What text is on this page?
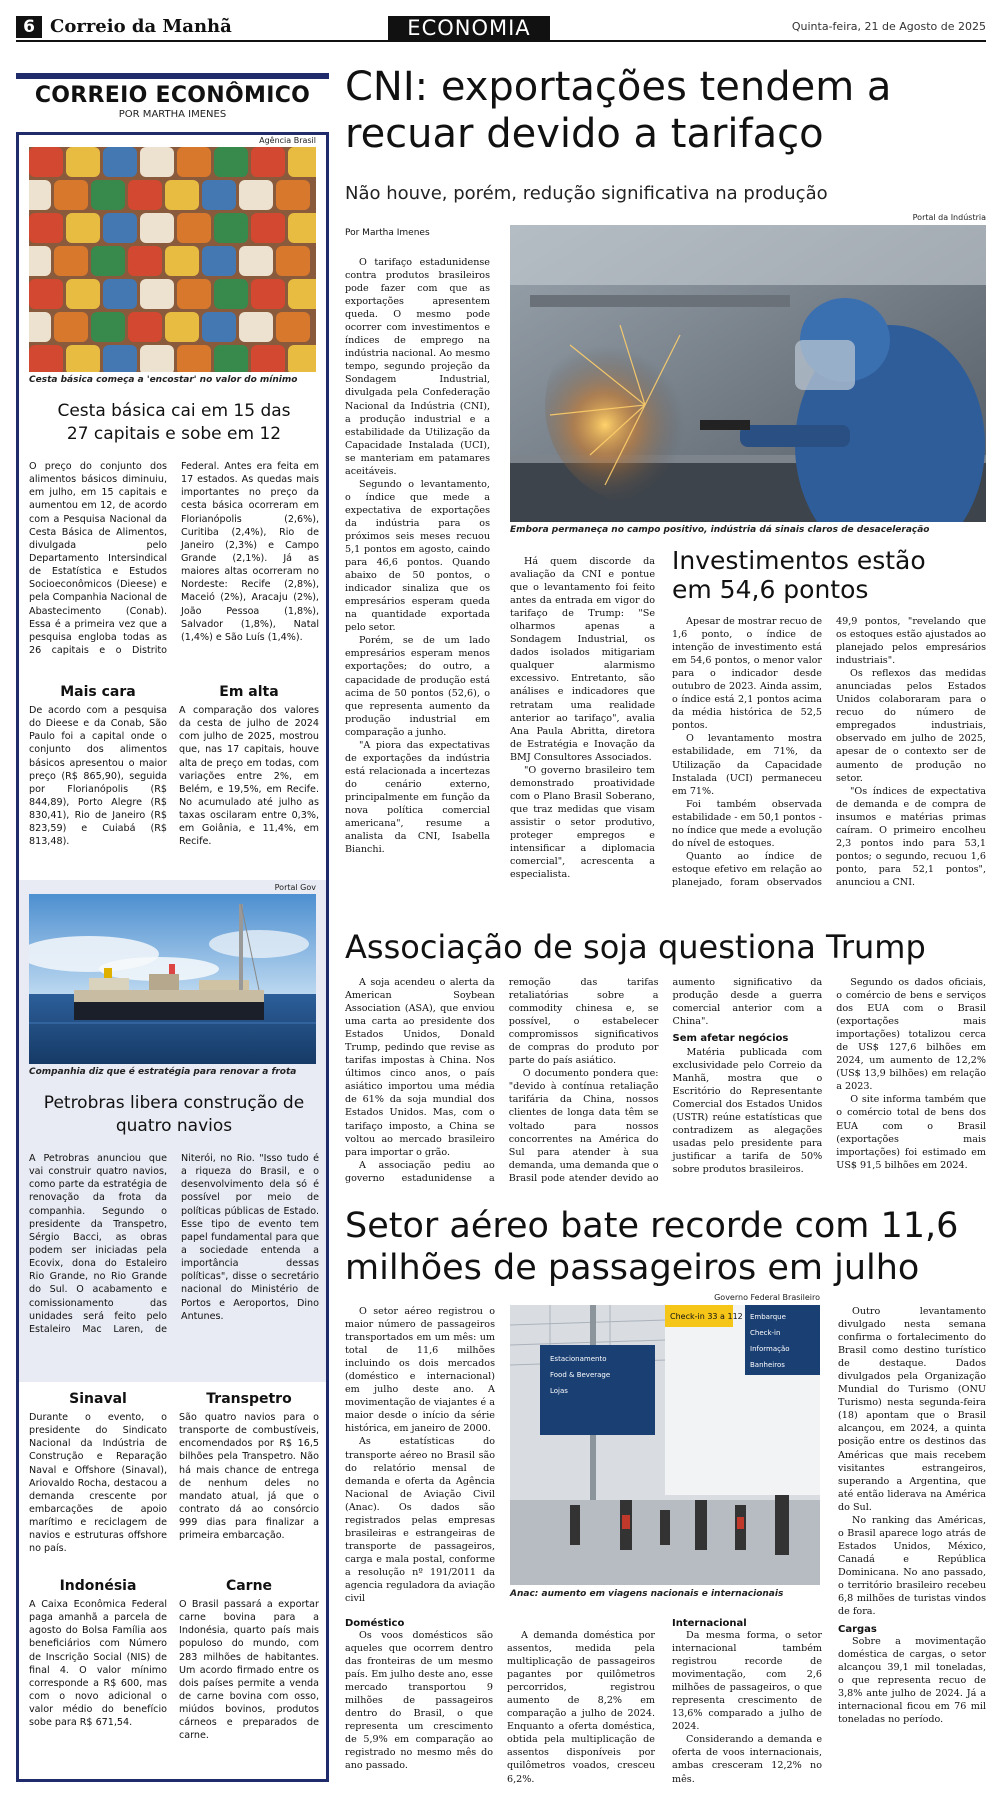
6 Correio da Manhã	ECONOMIA	Quinta-feira, 21 de Agosto de 2025
CORREIO ECONÔMICO
POR MARTHA IMENES
Agência Brasil
Cesta básica começa a 'encostar' no valor do mínimo
Cesta básica cai em 15 das 27 capitais e sobe em 12
O preço do conjunto dos alimentos básicos diminuiu, em julho, em 15 capitais e aumentou em 12, de acordo com a Pesquisa Nacional da Cesta Básica de Alimentos, divulgada pelo Departamento Intersindical de Estatística e Estudos Socioeconômicos (Dieese) e pela Companhia Nacional de Abastecimento (Conab). Essa é a primeira vez que a pesquisa engloba todas as 26 capitais e o Distrito Federal. Antes era feita em 17 estados. As quedas mais importantes no preço da cesta básica ocorreram em Florianópolis (2,6%), Curitiba (2,4%), Rio de Janeiro (2,3%) e Campo Grande (2,1%). Já as maiores altas ocorreram no Nordeste: Recife (2,8%), Maceió (2%), Aracaju (2%), João Pessoa (1,8%), Salvador (1,8%), Natal (1,4%) e São Luís (1,4%).
Mais cara
De acordo com a pesquisa do Dieese e da Conab, São Paulo foi a capital onde o conjunto dos alimentos básicos apresentou o maior preço (R$ 865,90), seguida por Florianópolis (R$ 844,89), Porto Alegre (R$ 830,41), Rio de Janeiro (R$ 823,59) e Cuiabá (R$ 813,48).
Em alta
A comparação dos valores da cesta de julho de 2024 com julho de 2025, mostrou que, nas 17 capitais, houve alta de preço em todas, com variações entre 2%, em Belém, e 19,5%, em Recife. No acumulado até julho as taxas oscilaram entre 0,3%, em Goiânia, e 11,4%, em Recife.
Portal Gov
Companhia diz que é estratégia para renovar a frota
Petrobras libera construção de quatro navios
A Petrobras anunciou que vai construir quatro navios, como parte da estratégia de renovação da frota da companhia. Segundo o presidente da Transpetro, Sérgio Bacci, as obras podem ser iniciadas pela Ecovix, dona do Estaleiro Rio Grande, no Rio Grande do Sul. O acabamento e comissionamento das unidades será feito pelo Estaleiro Mac Laren, de Niterói, no Rio. "Isso tudo é a riqueza do Brasil, e o desenvolvimento dela só é possível por meio de políticas públicas de Estado. Esse tipo de evento tem papel fundamental para que a sociedade entenda a importância dessas políticas", disse o secretário nacional do Ministério de Portos e Aeroportos, Dino Antunes.
Sinaval
Durante o evento, o presidente do Sindicato Nacional da Indústria de Construção e Reparação Naval e Offshore (Sinaval), Ariovaldo Rocha, destacou a demanda crescente por embarcações de apoio marítimo e reciclagem de navios e estruturas offshore no país.
Transpetro
São quatro navios para o transporte de combustíveis, encomendados por R$ 16,5 bilhões pela Transpetro. Não há mais chance de entrega de nenhum deles no mandato atual, já que o contrato dá ao consórcio 999 dias para finalizar a primeira embarcação.
Indonésia
A Caixa Econômica Federal paga amanhã a parcela de agosto do Bolsa Família aos beneficiários com Número de Inscrição Social (NIS) de final 4. O valor mínimo corresponde a R$ 600, mas com o novo adicional o valor médio do benefício sobe para R$ 671,54.
Carne
O Brasil passará a exportar carne bovina para a Indonésia, quarto país mais populoso do mundo, com 283 milhões de habitantes. Um acordo firmado entre os dois países permite a venda de carne bovina com osso, miúdos bovinos, produtos cárneos e preparados de carne.
CNI: exportações tendem a recuar devido a tarifaço
Não houve, porém, redução significativa na produção
Por Martha Imenes
Portal da Indústria
Embora permaneça no campo positivo, indústria dá sinais claros de desaceleração

O tarifaço estadunidense contra produtos brasileiros pode fazer com que as exportações apresentem queda. O mesmo pode ocorrer com investimentos e índices de emprego na indústria nacional. Ao mesmo tempo, segundo projeção da Sondagem Industrial, divulgada pela Confederação Nacional da Indústria (CNI), a produção industrial e a estabilidade da Utilização da Capacidade Instalada (UCI), se manteriam em patamares aceitáveis.

Segundo o levantamento, o índice que mede a expectativa de exportações da indústria para os próximos seis meses recuou 5,1 pontos em agosto, caindo para 46,6 pontos. Quando abaixo de 50 pontos, o indicador sinaliza que os empresários esperam queda na quantidade exportada pelo setor.

Porém, se de um lado empresários esperam menos exportações; do outro, a capacidade de produção está acima de 50 pontos (52,6), o que representa aumento da produção industrial em comparação a junho.

"A piora das expectativas de exportações da indústria está relacionada a incertezas do cenário externo, principalmente em função da nova política comercial americana", resume a analista da CNI, Isabella Bianchi.

Há quem discorde da avaliação da CNI e pontue que o levantamento foi feito antes da entrada em vigor do tarifaço de Trump: "Se olharmos apenas a Sondagem Industrial, os dados isolados mitigariam qualquer alarmismo excessivo. Entretanto, são análises e indicadores que retratam uma realidade anterior ao tarifaço", avalia Ana Paula Abritta, diretora de Estratégia e Inovação da BMJ Consultores Associados.

"O governo brasileiro tem demonstrado proatividade com o Plano Brasil Soberano, que traz medidas que visam assistir o setor produtivo, proteger empregos e intensificar a diplomacia comercial", acrescenta a especialista.

Investimentos estão em 54,6 pontos

Apesar de mostrar recuo de 1,6 ponto, o índice de intenção de investimento está em 54,6 pontos, o menor valor para o indicador desde outubro de 2023. Ainda assim, o índice está 2,1 pontos acima da média histórica de 52,5 pontos.

O levantamento mostra estabilidade, em 71%, da Utilização da Capacidade Instalada (UCI) permaneceu em 71%.

Foi também observada estabilidade - em 50,1 pontos - no índice que mede a evolução do nível de estoques.

Quanto ao índice de estoque efetivo em relação ao planejado, foram observados 49,9 pontos, "revelando que os estoques estão ajustados ao planejado pelos empresários industriais".

Os reflexos das medidas anunciadas pelos Estados Unidos colaboraram para o recuo do número de empregados industriais, observado em julho de 2025, apesar de o contexto ser de aumento de produção no setor.

"Os índices de expectativa de demanda e de compra de insumos e matérias primas caíram. O primeiro encolheu 2,3 pontos indo para 53,1 pontos; o segundo, recuou 1,6 ponto, para 52,1 pontos", anunciou a CNI.

Associação de soja questiona Trump

A soja acendeu o alerta da American Soybean Association (ASA), que enviou uma carta ao presidente dos Estados Unidos, Donald Trump, pedindo que revise as tarifas impostas à China. Nos últimos cinco anos, o país asiático importou uma média de 61% da soja mundial dos Estados Unidos. Mas, com o tarifaço imposto, a China se voltou ao mercado brasileiro para importar o grão.

A associação pediu ao governo estadunidense a remoção das tarifas retaliatórias sobre a commodity chinesa e, se possível, o estabelecer compromissos significativos de compras do produto por parte do país asiático.

O documento pondera que: "devido à contínua retaliação tarifária da China, nossos clientes de longa data têm se voltado para nossos concorrentes na América do Sul para atender à sua demanda, uma demanda que o Brasil pode atender devido ao aumento significativo da produção desde a guerra comercial anterior com a China".

Sem afetar negócios

Matéria publicada com exclusividade pelo Correio da Manhã, mostra que o Escritório do Representante Comercial dos Estados Unidos (USTR) reúne estatísticas que contradizem as alegações usadas pelo presidente para justificar a tarifa de 50% sobre produtos brasileiros.

Segundo os dados oficiais, o comércio de bens e serviços dos EUA com o Brasil (exportações mais importações) totalizou cerca de US$ 127,6 bilhões em 2024, um aumento de 12,2% (US$ 13,9 bilhões) em relação a 2023.

O site informa também que o comércio total de bens dos EUA com o Brasil (exportações mais importações) foi estimado em US$ 91,5 bilhões em 2024.

Setor aéreo bate recorde com 11,6 milhões de passageiros em julho

O setor aéreo registrou o maior número de passageiros transportados em um mês: um total de 11,6 milhões incluindo os dois mercados (doméstico e internacional) em julho deste ano. A movimentação de viajantes é a maior desde o início da série histórica, em janeiro de 2000.

As estatísticas do transporte aéreo no Brasil são do relatório mensal de demanda e oferta da Agência Nacional de Aviação Civil (Anac). Os dados são registrados pelas empresas brasileiras e estrangeiras de transporte de passageiros, carga e mala postal, conforme a resolução nº 191/2011 da agencia reguladora da aviação civil

Governo Federal Brasileiro
Check-in 33 a 112
Estacionamento
Food & Beverage
Lojas
Embarque
Check-in
Informação
Banheiros
Anac: aumento em viagens nacionais e internacionais
Doméstico

Os voos domésticos são aqueles que ocorrem dentro das fronteiras de um mesmo país. Em julho deste ano, esse mercado transportou 9 milhões de passageiros dentro do Brasil, o que representa um crescimento de 5,9% em comparação ao registrado no mesmo mês do ano passado.

A demanda doméstica por assentos, medida pela multiplicação de passageiros pagantes por quilômetros percorridos, registrou aumento de 8,2% em comparação a julho de 2024. Enquanto a oferta doméstica, obtida pela multiplicação de assentos disponíveis por quilômetros voados, cresceu 6,2%.

Internacional

Da mesma forma, o setor internacional também registrou recorde de movimentação, com 2,6 milhões de passageiros, o que representa crescimento de 13,6% comparado a julho de 2024.

Considerando a demanda e oferta de voos internacionais, ambas cresceram 12,2% no mês.

Outro levantamento divulgado nesta semana confirma o fortalecimento do Brasil como destino turístico de destaque. Dados divulgados pela Organização Mundial do Turismo (ONU Turismo) nesta segunda-feira (18) apontam que o Brasil alcançou, em 2024, a quinta posição entre os destinos das Américas que mais recebem visitantes estrangeiros, superando a Argentina, que até então liderava na América do Sul.

No ranking das Américas, o Brasil aparece logo atrás de Estados Unidos, México, Canadá e República Dominicana. No ano passado, o território brasileiro recebeu 6,8 milhões de turistas vindos de fora.

Cargas

Sobre a movimentação doméstica de cargas, o setor alcançou 39,1 mil toneladas, o que representa recuo de 3,8% ante julho de 2024. Já a internacional ficou em 76 mil toneladas no período.
